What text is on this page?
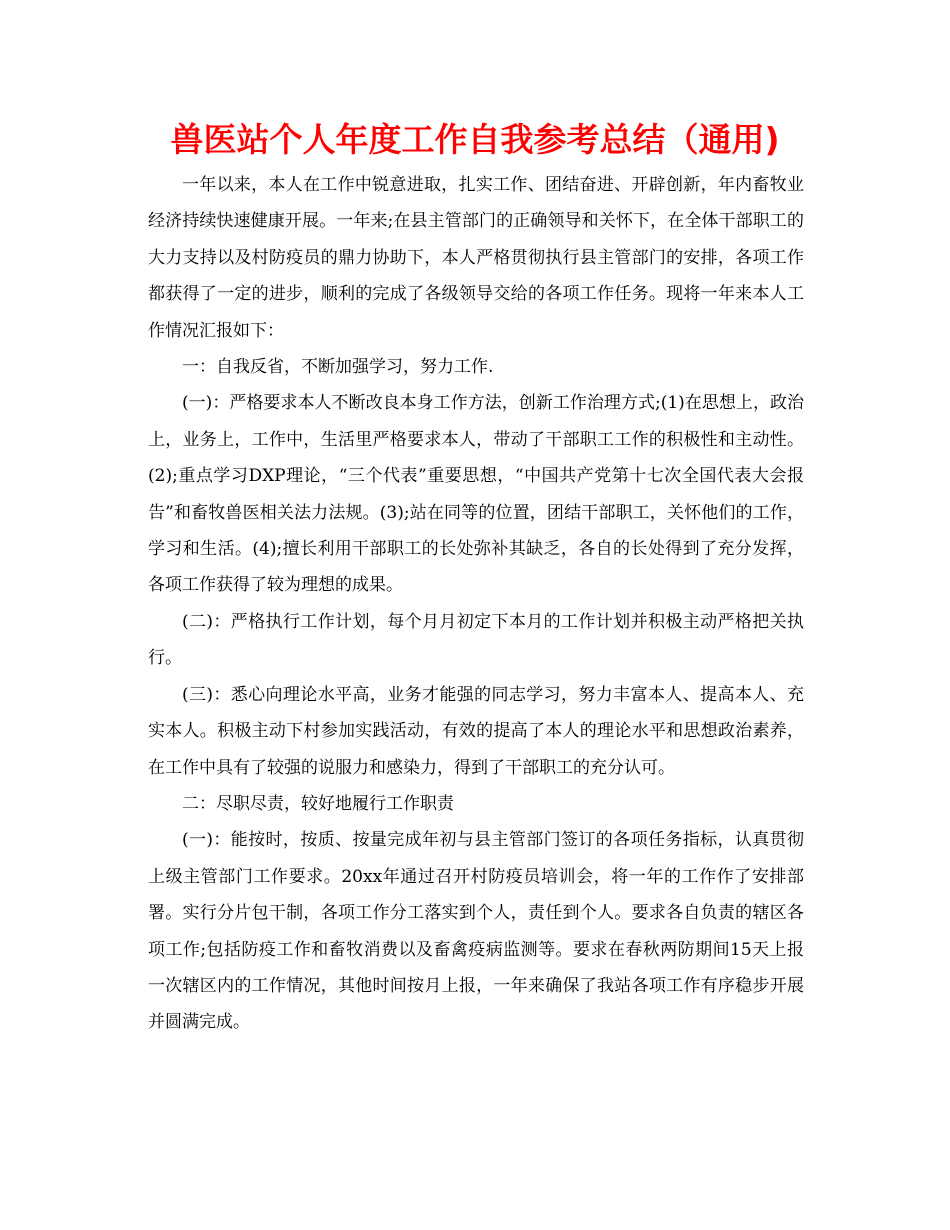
兽医站个人年度工作自我参考总结（通用)

一年以来，本人在工作中锐意进取，扎实工作、团结奋进、开辟创新，年内畜牧业经济持续快速健康开展。一年来;在县主管部门的正确领导和关怀下，在全体干部职工的大力支持以及村防疫员的鼎力协助下，本人严格贯彻执行县主管部门的安排，各项工作都获得了一定的进步，顺利的完成了各级领导交给的各项工作任务。现将一年来本人工作情况汇报如下：

一：自我反省，不断加强学习，努力工作.

(一)：严格要求本人不断改良本身工作方法，创新工作治理方式;(1)在思想上，政治上，业务上，工作中，生活里严格要求本人，带动了干部职工工作的积极性和主动性。(2);重点学习DXP理论，“三个代表”重要思想，“中国共产党第十七次全国代表大会报告”和畜牧兽医相关法力法规。(3);站在同等的位置，团结干部职工，关怀他们的工作，学习和生活。(4);擅长利用干部职工的长处弥补其缺乏，各自的长处得到了充分发挥，各项工作获得了较为理想的成果。

(二)：严格执行工作计划，每个月月初定下本月的工作计划并积极主动严格把关执行。

(三)：悉心向理论水平高，业务才能强的同志学习，努力丰富本人、提高本人、充实本人。积极主动下村参加实践活动，有效的提高了本人的理论水平和思想政治素养，在工作中具有了较强的说服力和感染力，得到了干部职工的充分认可。

二：尽职尽责，较好地履行工作职责

(一)：能按时，按质、按量完成年初与县主管部门签订的各项任务指标，认真贯彻上级主管部门工作要求。20xx年通过召开村防疫员培训会，将一年的工作作了安排部署。实行分片包干制，各项工作分工落实到个人，责任到个人。要求各自负责的辖区各项工作;包括防疫工作和畜牧消费以及畜禽疫病监测等。要求在春秋两防期间15天上报一次辖区内的工作情况，其他时间按月上报，一年来确保了我站各项工作有序稳步开展并圆满完成。
